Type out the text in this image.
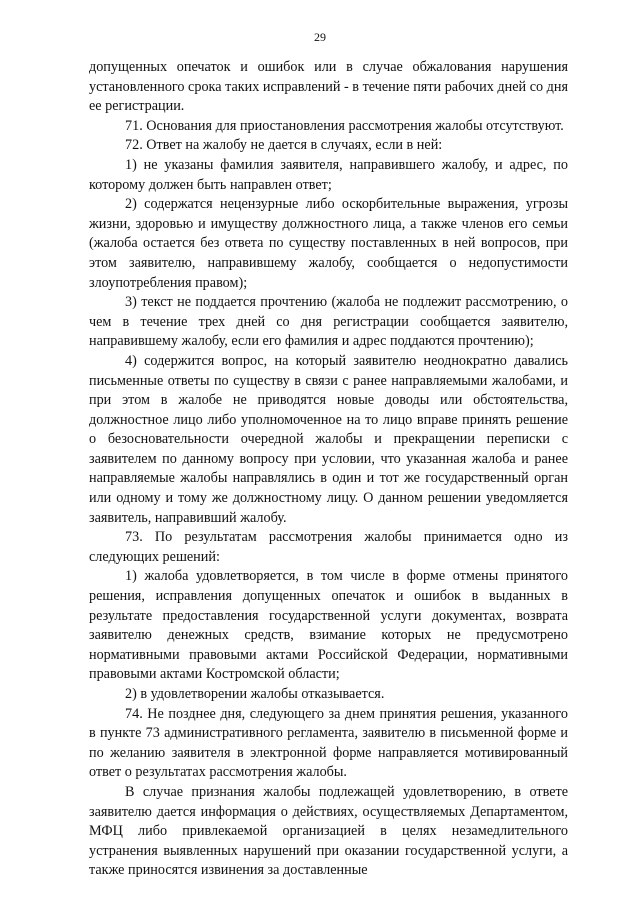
29

допущенных опечаток и ошибок или в случае обжалования нарушения установленного срока таких исправлений - в течение пяти рабочих дней со дня ее регистрации.

71. Основания для приостановления рассмотрения жалобы отсутствуют.

72. Ответ на жалобу не дается в случаях, если в ней:

1) не указаны фамилия заявителя, направившего жалобу, и адрес, по которому должен быть направлен ответ;

2) содержатся нецензурные либо оскорбительные выражения, угрозы жизни, здоровью и имуществу должностного лица, а также членов его семьи (жалоба остается без ответа по существу поставленных в ней вопросов, при этом заявителю, направившему жалобу, сообщается о недопустимости злоупотребления правом);

3) текст не поддается прочтению (жалоба не подлежит рассмотрению, о чем в течение трех дней со дня регистрации сообщается заявителю, направившему жалобу, если его фамилия и адрес поддаются прочтению);

4) содержится вопрос, на который заявителю неоднократно давались письменные ответы по существу в связи с ранее направляемыми жалобами, и при этом в жалобе не приводятся новые доводы или обстоятельства, должностное лицо либо уполномоченное на то лицо вправе принять решение о безосновательности очередной жалобы и прекращении переписки с заявителем по данному вопросу при условии, что указанная жалоба и ранее направляемые жалобы направлялись в один и тот же государственный орган или одному и тому же должностному лицу. О данном решении уведомляется заявитель, направивший жалобу.

73. По результатам рассмотрения жалобы принимается одно из следующих решений:

1) жалоба удовлетворяется, в том числе в форме отмены принятого решения, исправления допущенных опечаток и ошибок в выданных в результате предоставления государственной услуги документах, возврата заявителю денежных средств, взимание которых не предусмотрено нормативными правовыми актами Российской Федерации, нормативными правовыми актами Костромской области;

2) в удовлетворении жалобы отказывается.

74. Не позднее дня, следующего за днем принятия решения, указанного в пункте 73 административного регламента, заявителю в письменной форме и по желанию заявителя в электронной форме направляется мотивированный ответ о результатах рассмотрения жалобы.

В случае признания жалобы подлежащей удовлетворению, в ответе заявителю дается информация о действиях, осуществляемых Департаментом, МФЦ либо привлекаемой организацией в целях незамедлительного устранения выявленных нарушений при оказании государственной услуги, а также приносятся извинения за доставленные
